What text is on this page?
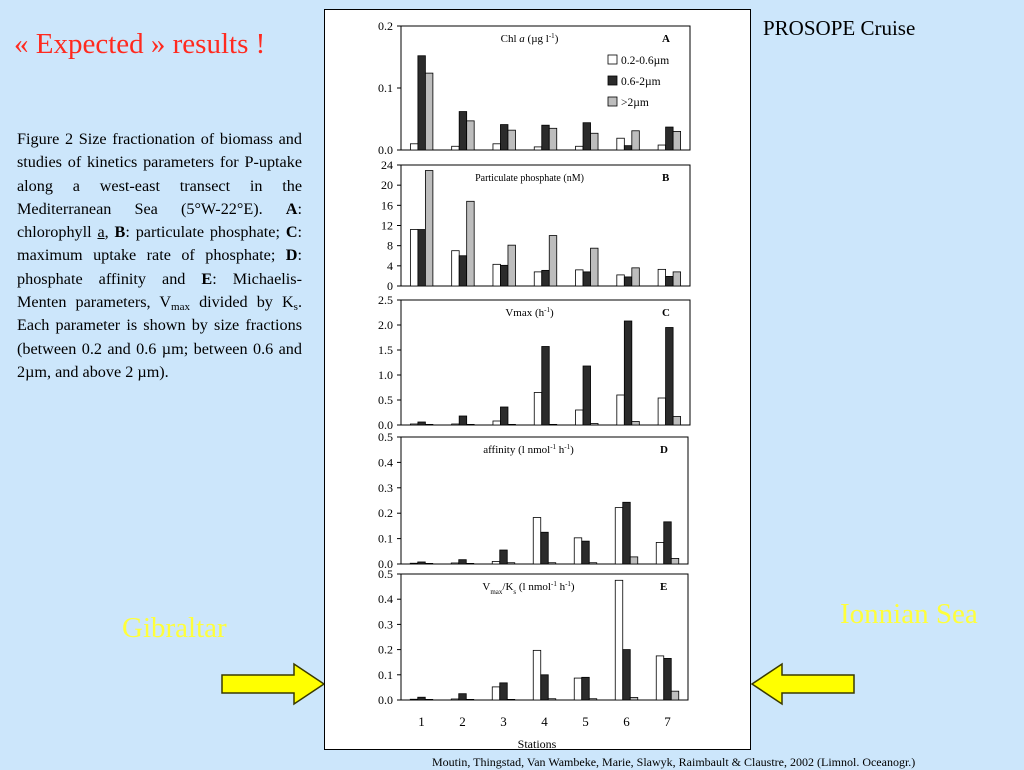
« Expected » results !
Figure 2 Size fractionation of biomass and studies of kinetics parameters for P-uptake along a west-east transect in the Mediterranean Sea (5°W-22°E). A: chlorophyll a, B: particulate phosphate; C: maximum uptake rate of phosphate; D: phosphate affinity and E: Michaelis-Menten parameters, $V_{max}$ divided by $K_s$. Each parameter is shown by size fractions (between 0.2 and 0.6 µm; between 0.6 and 2µm, and above 2 µm).
PROSOPE Cruise
Gibraltar	Ionnian Sea
0.2
0.1
0.0
A
Chl a (µg $l^{-1}$)
24
20
16
12
8
4
0
B
Particulate phosphate (nM)
2.5
2.0
1.5
1.0
0.5
0.0
C
Vmax $(h^{-1})$
0.5
0.4
0.3
0.2
0.1
0.0
D
affinity (l nmol$^{-1}$ $h^{-1}$)
0.5
0.4
0.3
0.2
0.1
0.0
E
$V_{max}/K_s$ (l nmol$^{-1}$ $h^{-1}$)
1	2	3	4	5	6	7
Stations
0.2-0.6µm
0.6-2µm
>2µm
Moutin, Thingstad, Van Wambeke, Marie, Slawyk, Raimbault & Claustre, 2002 (Limnol. Oceanogr.)
